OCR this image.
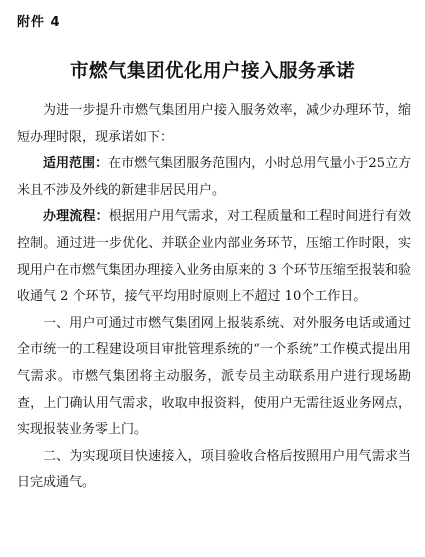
附件 4
市燃气集团优化用户接入服务承诺

为进一步提升市燃气集团用户接入服务效率，减少办理环节，缩短办理时限，现承诺如下：

适用范围：在市燃气集团服务范围内，小时总用气量小于25立方米且不涉及外线的新建非居民用户。

办理流程：根据用户用气需求，对工程质量和工程时间进行有效控制。通过进一步优化、并联企业内部业务环节，压缩工作时限，实现用户在市燃气集团办理接入业务由原来的 3 个环节压缩至报装和验收通气 2 个环节，接气平均用时原则上不超过 10个工作日。

一、用户可通过市燃气集团网上报装系统、对外服务电话或通过全市统一的工程建设项目审批管理系统的“一个系统”工作模式提出用气需求。市燃气集团将主动服务，派专员主动联系用户进行现场勘查，上门确认用气需求，收取申报资料，使用户无需往返业务网点，实现报装业务零上门。

二、为实现项目快速接入，项目验收合格后按照用户用气需求当日完成通气。
